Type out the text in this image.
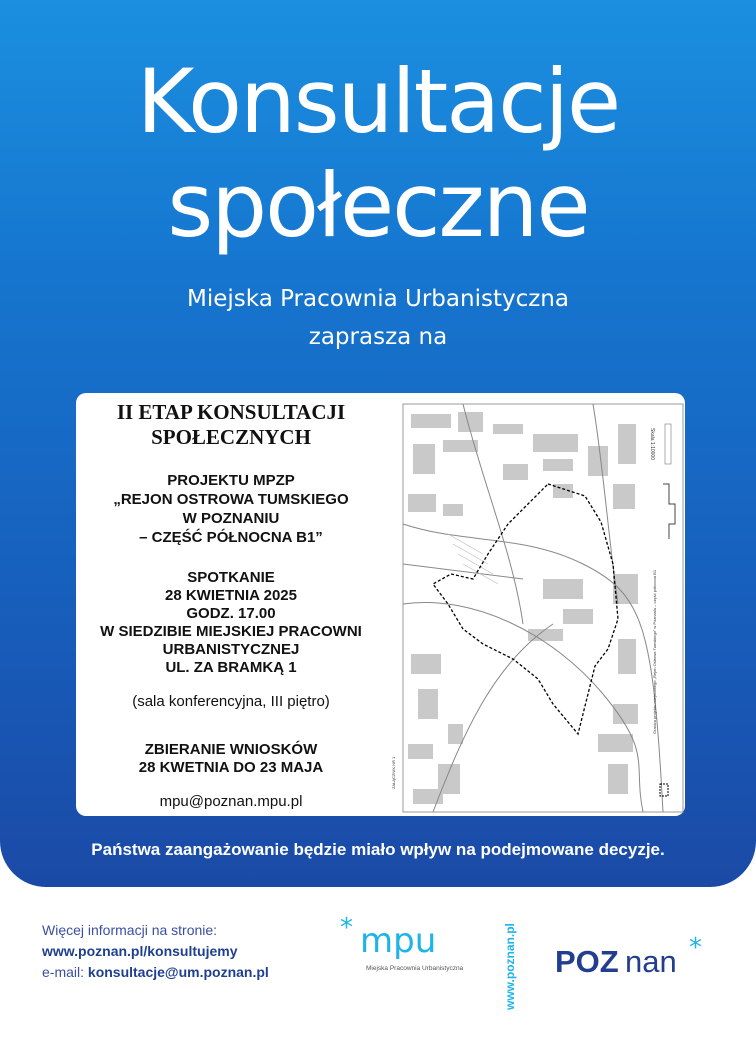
Konsultacje
społeczne
Miejska Pracownia Urbanistyczna
zaprasza na
II ETAP KONSULTACJI
SPOŁECZNYCH
PROJEKTU MPZP
„REJON OSTROWA TUMSKIEGO
W POZNANIU
– CZĘŚĆ PÓŁNOCNA B1”
SPOTKANIE
28 KWIETNIA 2025
GODZ. 17.00
W SIEDZIBIE MIEJSKIEJ PRACOWNI
URBANISTYCZNEJ
UL. ZA BRAMKĄ 1
(sala konferencyjna, III piętro)
ZBIERANIE WNIOSKÓW
28 KWETNIA DO 23 MAJA
mpu@poznan.mpu.pl
Skala 1:10000
Granica projektu miejscowego „Rejon Ostrowa Tumskiego” w Poznaniu – część północna B1
ZAŁĄCZNIK NR 1
Państwa zaangażowanie będzie miało wpływ na podejmowane decyzje.
Więcej informacji na stronie:
www.poznan.pl/konsultujemy
e-mail: konsultacje@um.poznan.pl
* mpu
Miejska Pracownia Urbanistyczna	www.poznan.pl POZ nan *
